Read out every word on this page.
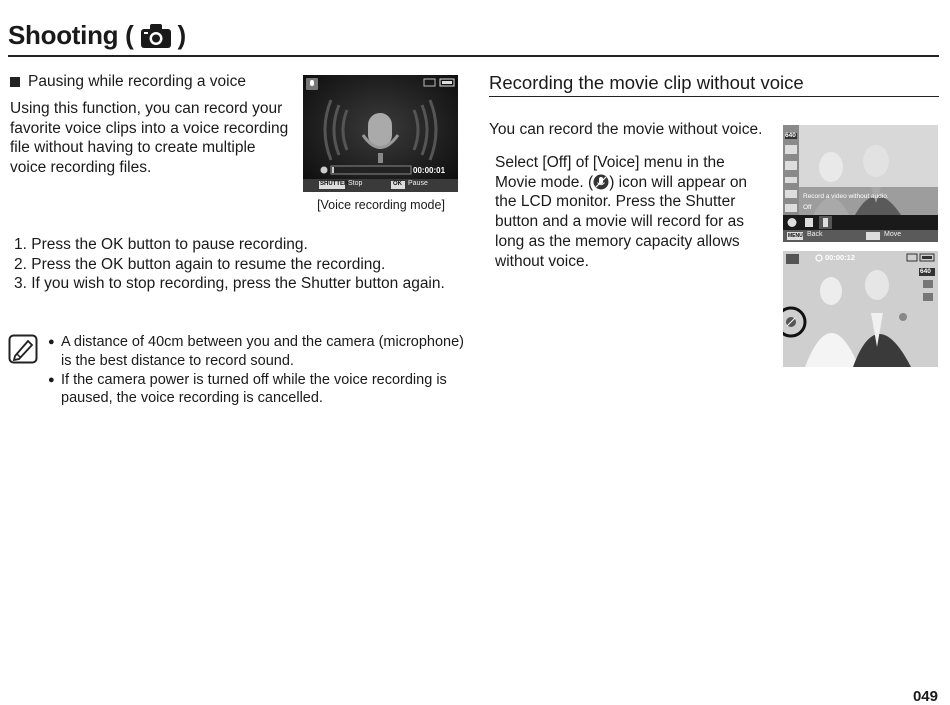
Shooting ( )
Pausing while recording a voice
Using this function, you can record your favorite voice clips into a voice recording file without having to create multiple voice recording files.	00:00:01
SHUTTER Stop	OK Pause
[Voice recording mode]
1. Press the OK button to pause recording.
2. Press the OK button again to resume the recording.
3. If you wish to stop recording, press the Shutter button again.
● A distance of 40cm between you and the camera (microphone) is the best distance to record sound.
● If the camera power is turned off while the voice recording is paused, the voice recording is cancelled.
Recording the movie clip without voice
You can record the movie without voice.
Select [Off] of [Voice] menu in the Movie mode. ( ) icon will appear on the LCD monitor. Press the Shutter button and a movie will record for as long as the memory capacity allows without voice.
640
Record a video without audio.
Off
MENU Back	Move
00:00:12
640
049
